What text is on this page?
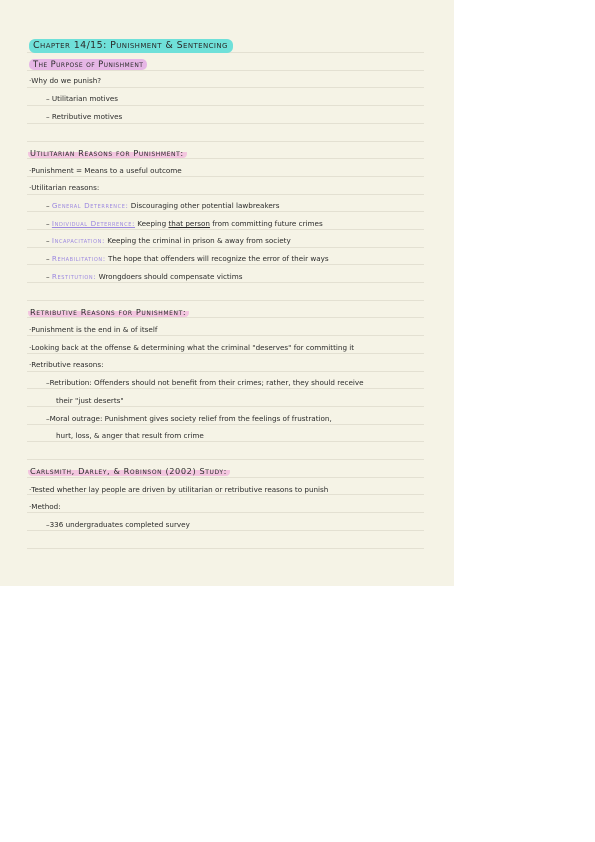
Chapter 14/15: Punishment & Sentencing
The Purpose of Punishment
·Why do we punish?
– Utilitarian motives
– Retributive motives
Utilitarian Reasons for Punishment:
·Punishment = Means to a useful outcome
·Utilitarian reasons:
– General Deterrence: Discouraging other potential lawbreakers
– Individual Deterrence: Keeping that person from committing future crimes
– Incapacitation: Keeping the criminal in prison & away from society
– Rehabilitation: The hope that offenders will recognize the error of their ways
– Restitution: Wrongdoers should compensate victims
Retributive Reasons for Punishment:
·Punishment is the end in & of itself
·Looking back at the offense & determining what the criminal "deserves" for committing it
·Retributive reasons:
–Retribution: Offenders should not benefit from their crimes; rather, they should receive
their "just deserts"
–Moral outrage: Punishment gives society relief from the feelings of frustration,
hurt, loss, & anger that result from crime
Carlsmith, Darley, & Robinson (2002) Study:
·Tested whether lay people are driven by utilitarian or retributive reasons to punish
·Method:
–336 undergraduates completed survey
